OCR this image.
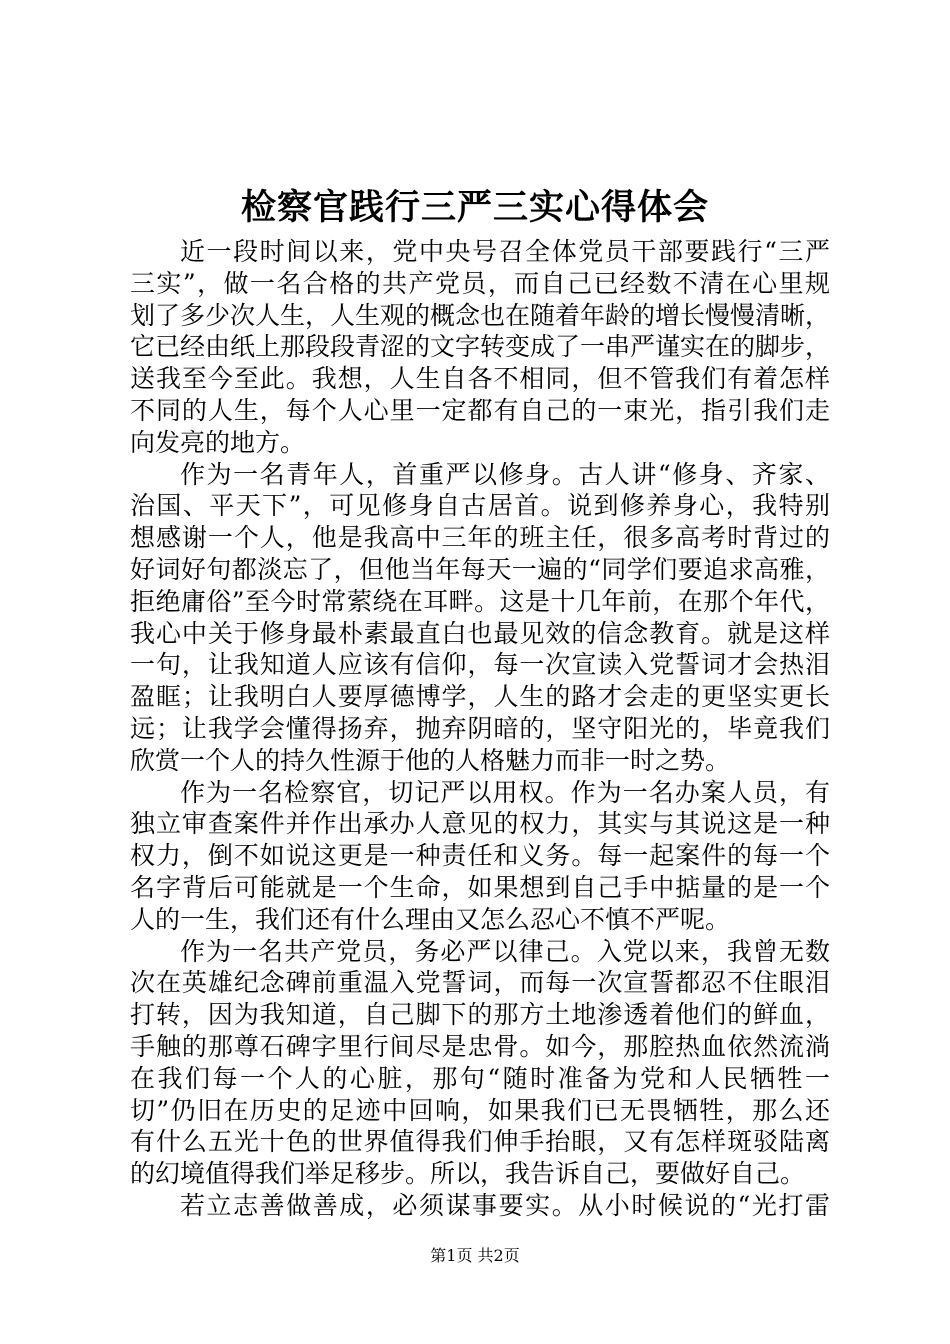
检察官践行三严三实心得体会
近一段时间以来，党中央号召全体党员干部要践行“三严
三实”，做一名合格的共产党员，而自己已经数不清在心里规
划了多少次人生，人生观的概念也在随着年龄的增长慢慢清晰，
它已经由纸上那段段青涩的文字转变成了一串严谨实在的脚步，
送我至今至此。我想，人生自各不相同，但不管我们有着怎样
不同的人生，每个人心里一定都有自己的一束光，指引我们走
向发亮的地方。
作为一名青年人，首重严以修身。古人讲“修身、齐家、
治国、平天下”，可见修身自古居首。说到修养身心，我特别
想感谢一个人，他是我高中三年的班主任，很多高考时背过的
好词好句都淡忘了，但他当年每天一遍的“同学们要追求高雅，
拒绝庸俗”至今时常萦绕在耳畔。这是十几年前，在那个年代，
我心中关于修身最朴素最直白也最见效的信念教育。就是这样
一句，让我知道人应该有信仰，每一次宣读入党誓词才会热泪
盈眶；让我明白人要厚德博学，人生的路才会走的更坚实更长
远；让我学会懂得扬弃，抛弃阴暗的，坚守阳光的，毕竟我们
欣赏一个人的持久性源于他的人格魅力而非一时之势。
作为一名检察官，切记严以用权。作为一名办案人员，有
独立审查案件并作出承办人意见的权力，其实与其说这是一种
权力，倒不如说这更是一种责任和义务。每一起案件的每一个
名字背后可能就是一个生命，如果想到自己手中掂量的是一个
人的一生，我们还有什么理由又怎么忍心不慎不严呢。
作为一名共产党员，务必严以律己。入党以来，我曾无数
次在英雄纪念碑前重温入党誓词，而每一次宣誓都忍不住眼泪
打转，因为我知道，自己脚下的那方土地渗透着他们的鲜血，
手触的那尊石碑字里行间尽是忠骨。如今，那腔热血依然流淌
在我们每一个人的心脏，那句“随时准备为党和人民牺牲一
切”仍旧在历史的足迹中回响，如果我们已无畏牺牲，那么还
有什么五光十色的世界值得我们伸手抬眼，又有怎样斑驳陆离
的幻境值得我们举足移步。所以，我告诉自己，要做好自己。
若立志善做善成，必须谋事要实。从小时候说的“光打雷
第1页 共2页
